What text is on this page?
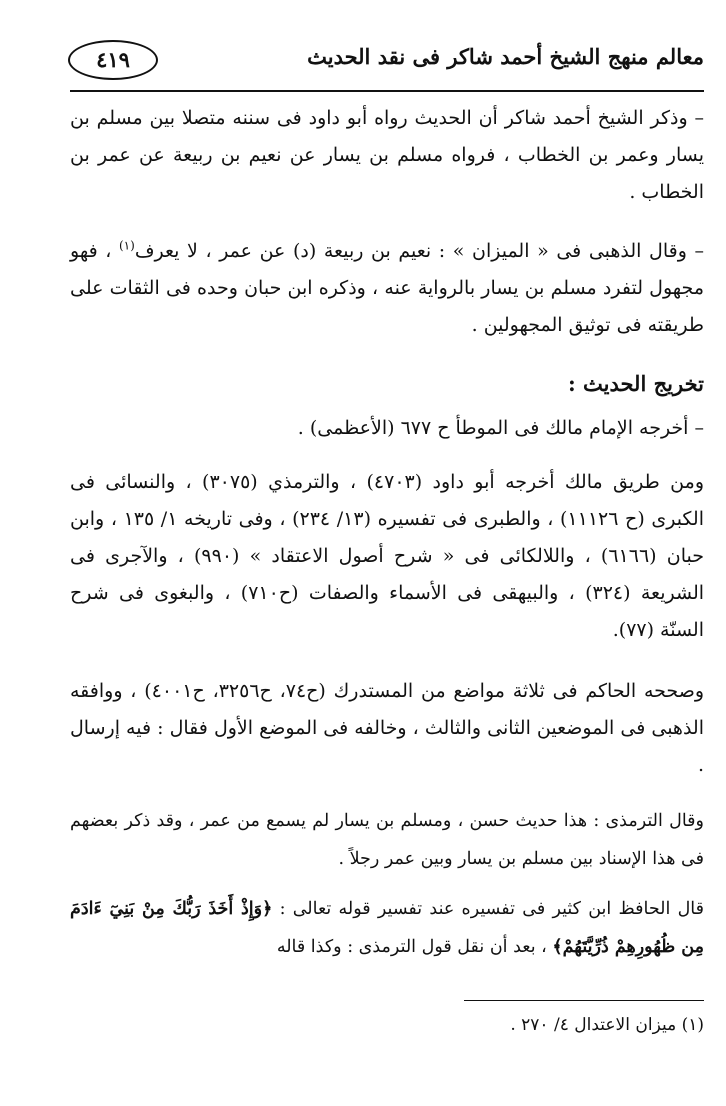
معالم منهج الشيخ أحمد شاكر فى نقد الحديث
٤١٩

– وذكر الشيخ أحمد شاكر أن الحديث رواه أبو داود فى سننه متصلا بين مسلم بن يسار وعمر بن الخطاب ، فرواه مسلم بن يسار عن نعيم بن ربيعة عن عمر بن الخطاب .

– وقال الذهبى فى « الميزان » : نعيم بن ربيعة (د) عن عمر ، لا يعرف$^{(١)}$ ، فهو مجهول لتفرد مسلم بن يسار بالرواية عنه ، وذكره ابن حبان وحده فى الثقات على طريقته فى توثيق المجهولين .

تخريج الحديث :

– أخرجه الإمام مالك فى الموطأ ح ٦٧٧ (الأعظمى) .

ومن طريق مالك أخرجه أبو داود (٤٧٠٣) ، والترمذي (٣٠٧٥) ، والنسائى فى الكبرى (ح ١١١٢٦) ، والطبرى فى تفسيره (١٣/ ٢٣٤) ، وفى تاريخه ١/ ١٣٥ ، وابن حبان (٦١٦٦) ، واللالكائى فى « شرح أصول الاعتقاد » (٩٩٠) ، والآجرى فى الشريعة (٣٢٤) ، والبيهقى فى الأسماء والصفات (ح٧١٠) ، والبغوى فى شرح السنّة (٧٧).

وصححه الحاكم فى ثلاثة مواضع من المستدرك (ح٧٤، ح٣٢٥٦، ح٤٠٠١) ، ووافقه الذهبى فى الموضعين الثانى والثالث ، وخالفه فى الموضع الأول فقال : فيه إرسال .

وقال الترمذى : هذا حديث حسن ، ومسلم بن يسار لم يسمع من عمر ، وقد ذكر بعضهم فى هذا الإسناد بين مسلم بن يسار وبين عمر رجلاً .

قال الحافظ ابن كثير فى تفسيره عند تفسير قوله تعالى : ﴿وَإِذْ أَخَذَ رَبُّكَ مِنْ بَنِيٓ ءَادَمَ مِن ظُهُورِهِمْ ذُرِّيَّتَهُمْ﴾ ، بعد أن نقل قول الترمذى : وكذا قاله

(١) ميزان الاعتدال ٤/ ٢٧٠ .
